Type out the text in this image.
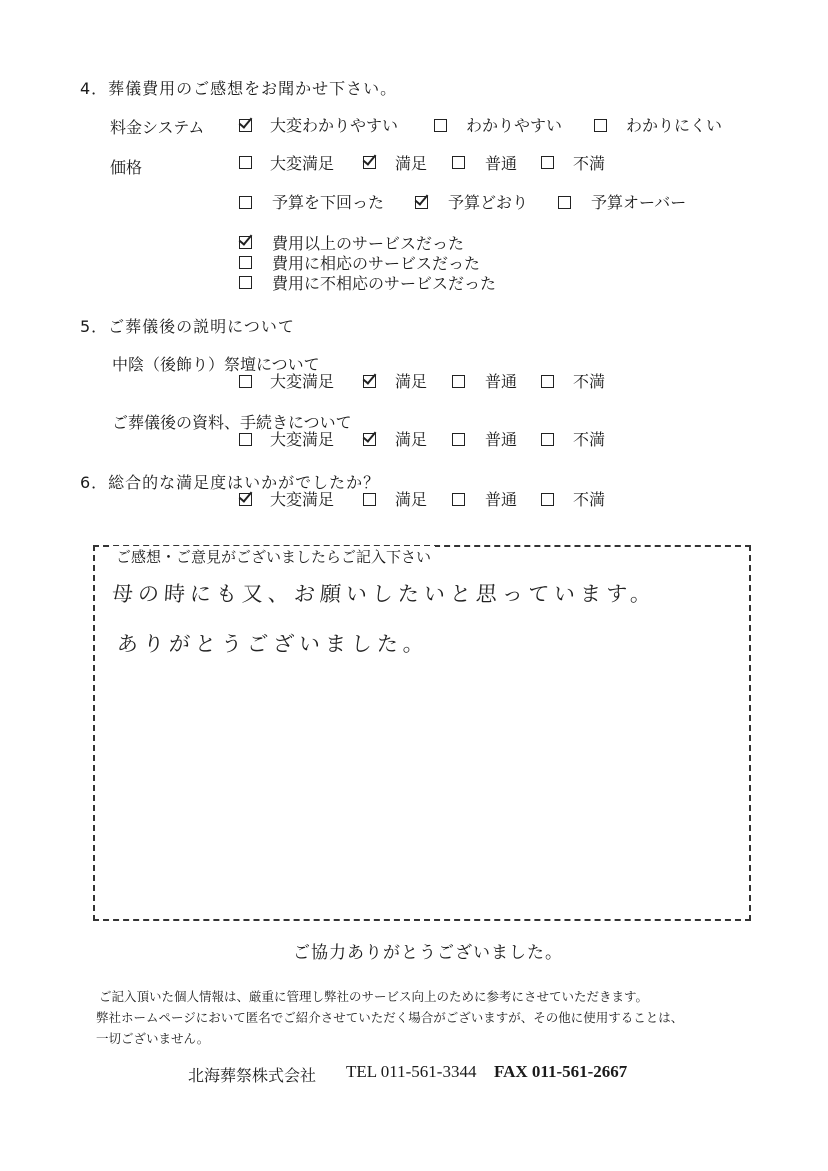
4．葬儀費用のご感想をお聞かせ下さい。
料金システム	大変わかりやすい	わかりやすい	わかりにくい
価格	大変満足	満足	普通	不満
予算を下回った	予算どおり	予算オーバー
費用以上のサービスだった
費用に相応のサービスだった
費用に不相応のサービスだった
5．ご葬儀後の説明について
中陰（後飾り）祭壇について
大変満足	満足	普通	不満
ご葬儀後の資料、手続きについて
大変満足	満足	普通	不満
6．総合的な満足度はいかがでしたか？
大変満足	満足	普通	不満
ご感想・ご意見がございましたらご記入下さい
母の時にも又、お願いしたいと思っています。
ありがとうございました。
ご協力ありがとうございました。
ご記入頂いた個人情報は、厳重に管理し弊社のサービス向上のために参考にさせていただきます。
弊社ホームページにおいて匿名でご紹介させていただく場合がございますが、その他に使用することは、
一切ございません。
北海葬祭株式会社 TEL 011-561-3344 FAX 011-561-2667
